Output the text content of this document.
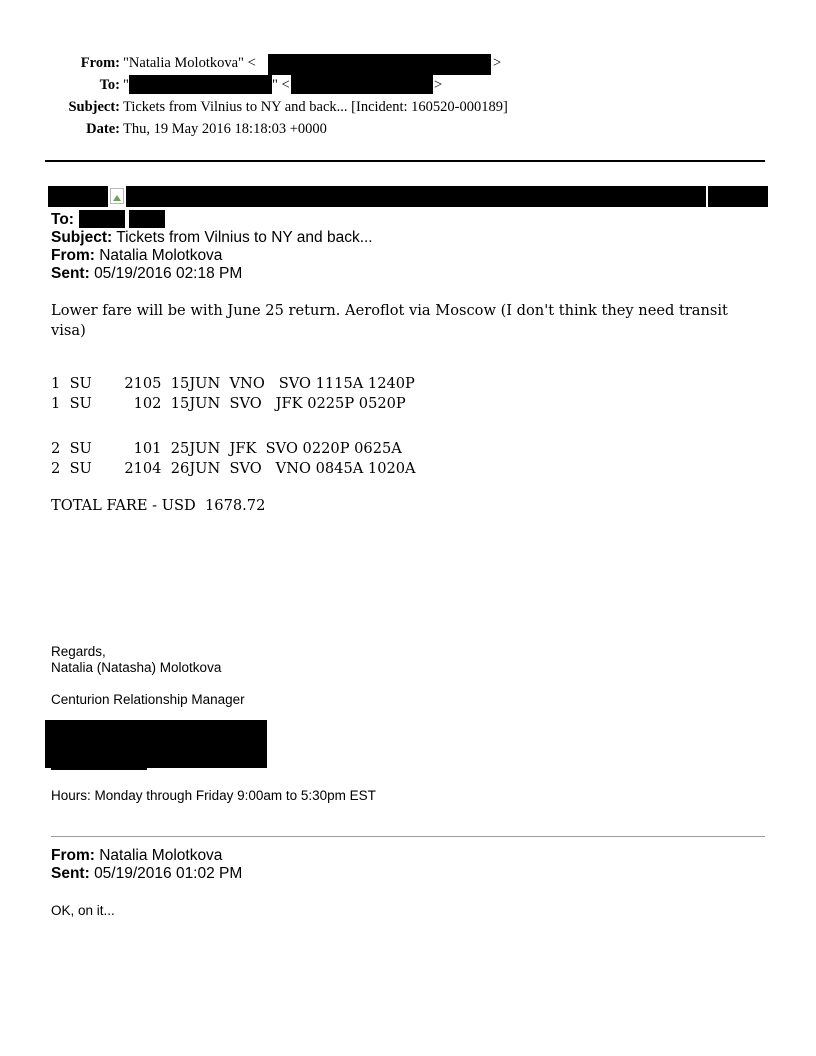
From: "Natalia Molotkova" <	>
To: "	" <	>
Subject: Tickets from Vilnius to NY and back... [Incident: 160520-000189]
Date: Thu, 19 May 2016 18:18:03 +0000
To:
Subject: Tickets from Vilnius to NY and back...
From: Natalia Molotkova
Sent: 05/19/2016 02:18 PM
Lower fare will be with June 25 return. Aeroflot via Moscow (I don't think they need transit
visa)
1  SU       2105  15JUN  VNO   SVO 1115A 1240P
1  SU         102  15JUN  SVO   JFK 0225P 0520P
2  SU         101  25JUN  JFK  SVO 0220P 0625A
2  SU       2104  26JUN  SVO   VNO 0845A 1020A
TOTAL FARE - USD  1678.72
Regards,
Natalia (Natasha) Molotkova
Centurion Relationship Manager
Hours: Monday through Friday 9:00am to 5:30pm EST
From: Natalia Molotkova
Sent: 05/19/2016 01:02 PM
OK, on it...
